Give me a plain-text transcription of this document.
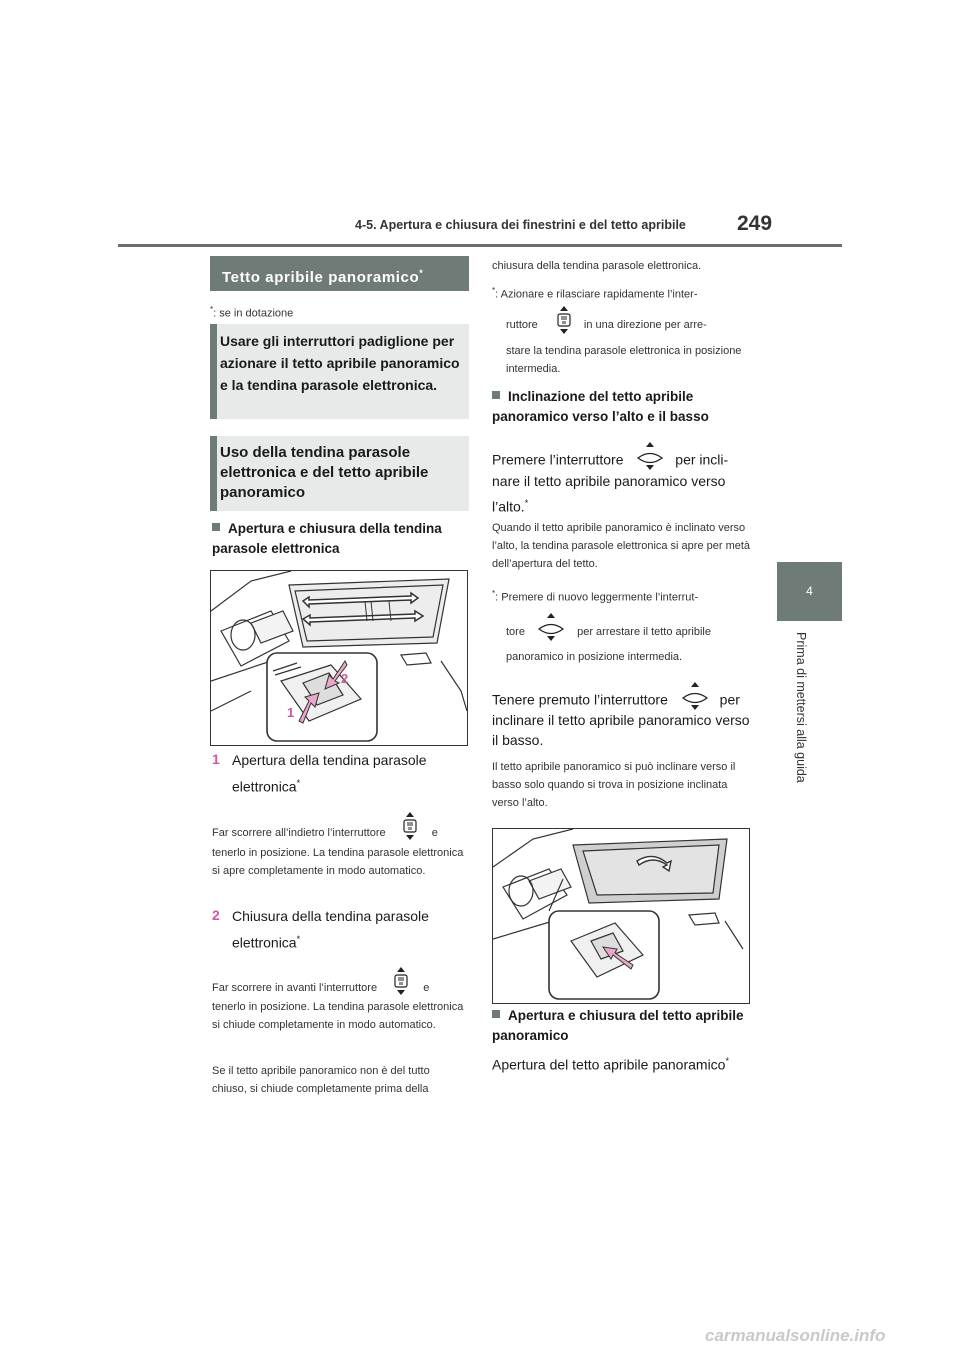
4-5. Apertura e chiusura dei finestrini e del tetto apribile 249
4
Prima di mettersi alla guida
Tetto apribile panoramico*
*: se in dotazione
Usare gli interruttori padiglione per azionare il tetto apribile panoramico e la tendina parasole elettronica.
Uso della tendina parasole elettronica e del tetto apribile panoramico
Apertura e chiusura della tendina parasole elettronica
2
1
1 Apertura della tendina parasole elettronica*
Far scorrere all’indietro l’interruttore	e
tenerlo in posizione. La tendina parasole elettronica si apre completamente in modo automatico.
2 Chiusura della tendina parasole elettronica*
Far scorrere in avanti l’interruttore	e
tenerlo in posizione. La tendina parasole elettronica si chiude completamente in modo automatico.
Se il tetto apribile panoramico non è del tutto chiuso, si chiude completamente prima della
chiusura della tendina parasole elettronica.
*: Azionare e rilasciare rapidamente l’inter-
ruttore	in una direzione per arre-
stare la tendina parasole elettronica in posizione intermedia.
Inclinazione del tetto apribile panoramico verso l’alto e il basso
Premere l’interruttore	per incli-
nare il tetto apribile panoramico verso l’alto.*
Quando il tetto apribile panoramico è inclinato verso l’alto, la tendina parasole elettronica si apre per metà dell’apertura del tetto.
*: Premere di nuovo leggermente l’interrut-
tore	per arrestare il tetto apribile
panoramico in posizione intermedia.
Tenere premuto l’interruttore	per
inclinare il tetto apribile panoramico verso il basso.
Il tetto apribile panoramico si può inclinare verso il basso solo quando si trova in posizione inclinata verso l’alto.
Apertura e chiusura del tetto apribile panoramico
Apertura del tetto apribile panoramico*
carmanualsonline.info
